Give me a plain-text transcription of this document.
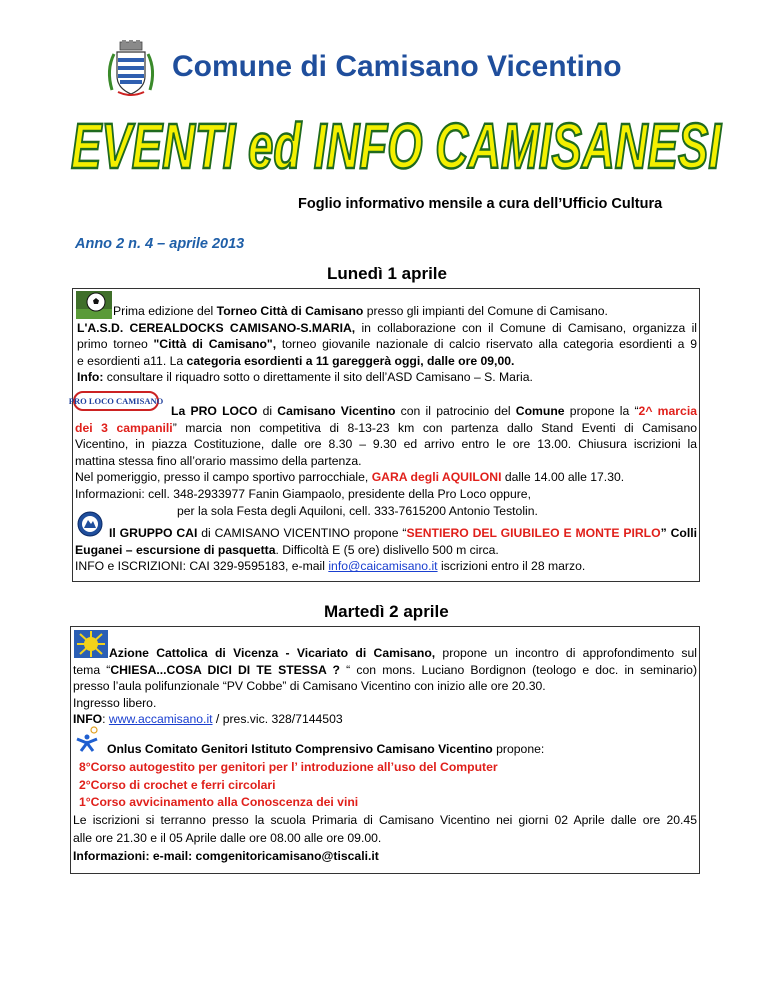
Comune di Camisano Vicentino
EVENTI ed INFO CAMISANESI
Foglio informativo mensile a cura dell’Ufficio Cultura
Anno 2 n. 4 – aprile 2013
Lunedì 1 aprile
Prima edizione del Torneo Città di Camisano presso gli impianti del Comune di Camisano.
L'A.S.D. CEREALDOCKS CAMISANO-S.MARIA, in collaborazione con il Comune di Camisano, organizza il
primo torneo "Città di Camisano", torneo giovanile nazionale di calcio riservato alla categoria esordienti a 9
e esordienti a11. La categoria esordienti a 11 gareggerà oggi, dalle ore 09,00.
Info: consultare il riquadro sotto o direttamente il sito dell’ASD Camisano – S. Maria.
PRO LOCO CAMISANO
La PRO LOCO di Camisano Vicentino con il patrocinio del Comune propone la “2^ marcia
dei 3 campanili” marcia non competitiva di 8-13-23 km con partenza dallo Stand Eventi di Camisano
Vicentino, in piazza Costituzione, dalle ore 8.30 – 9.30 ed arrivo entro le ore 13.00. Chiusura iscrizioni la
mattina stessa fino all’orario massimo della partenza.
Nel pomeriggio, presso il campo sportivo parrocchiale, GARA degli AQUILONI dalle 14.00 alle 17.30.
Informazioni: cell. 348-2933977 Fanin Giampaolo, presidente della Pro Loco oppure,
per la sola Festa degli Aquiloni, cell. 333-7615200 Antonio Testolin.
Il GRUPPO CAI di CAMISANO VICENTINO propone “SENTIERO DEL GIUBILEO E MONTE PIRLO” Colli
Euganei – escursione di pasquetta. Difficoltà E (5 ore) dislivello 500 m circa.
INFO e ISCRIZIONI: CAI 329-9595183, e-mail info@caicamisano.it iscrizioni entro il 28 marzo.
Martedì 2 aprile
Azione Cattolica di Vicenza - Vicariato di Camisano, propone un incontro di approfondimento sul
tema “CHIESA...COSA DICI DI TE STESSA ? “ con mons. Luciano Bordignon (teologo e doc. in seminario)
presso l’aula polifunzionale “PV Cobbe” di Camisano Vicentino con inizio alle ore 20.30.
Ingresso libero.
INFO: www.accamisano.it / pres.vic. 328/7144503
Onlus Comitato Genitori Istituto Comprensivo Camisano Vicentino propone:
8°Corso autogestito per genitori per l’ introduzione all’uso del Computer
2°Corso di crochet e ferri circolari
1°Corso avvicinamento alla Conoscenza dei vini
Le iscrizioni si terranno presso la scuola Primaria di Camisano Vicentino nei giorni 02 Aprile dalle ore 20.45
alle ore 21.30 e il 05 Aprile dalle ore 08.00 alle ore 09.00.
Informazioni: e-mail: comgenitoricamisano@tiscali.it
